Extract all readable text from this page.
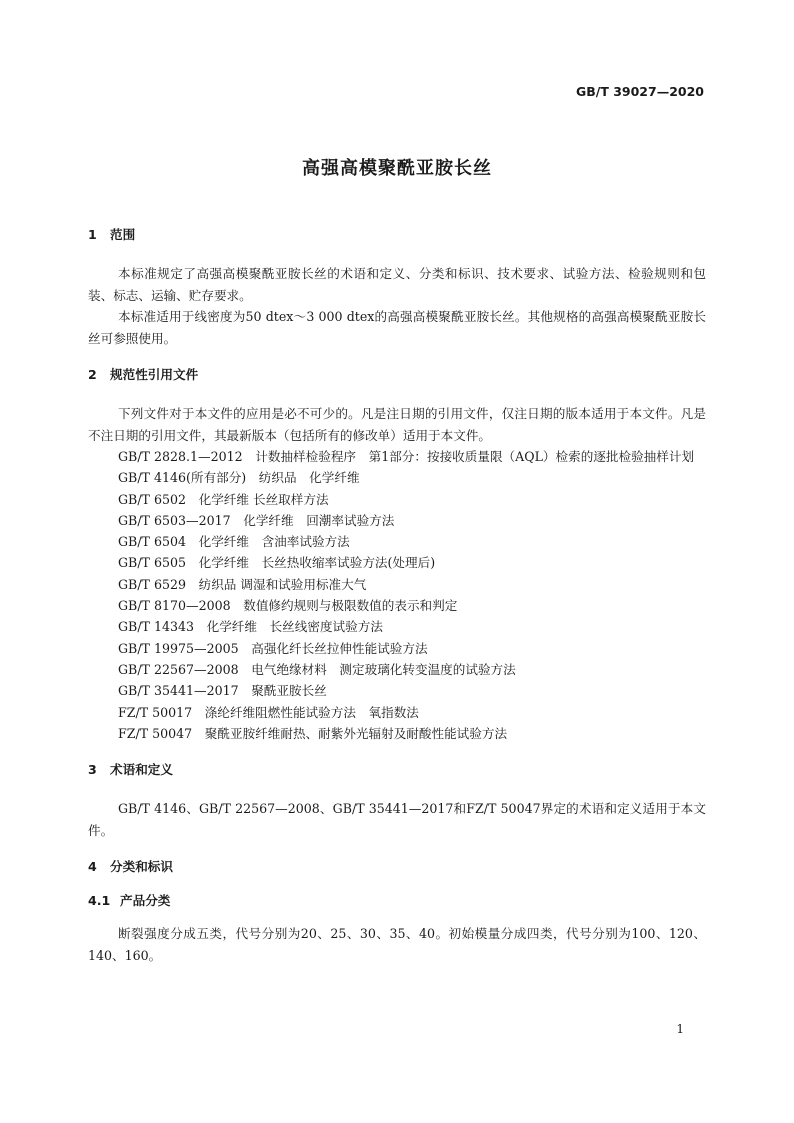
GB/T 39027—2020
高强高模聚酰亚胺长丝
1 范围

本标准规定了高强高模聚酰亚胺长丝的术语和定义、分类和标识、技术要求、试验方法、检验规则和包装、标志、运输、贮存要求。

本标准适用于线密度为50 dtex～3 000 dtex的高强高模聚酰亚胺长丝。其他规格的高强高模聚酰亚胺长丝可参照使用。

2 规范性引用文件

下列文件对于本文件的应用是必不可少的。凡是注日期的引用文件，仅注日期的版本适用于本文件。凡是不注日期的引用文件，其最新版本（包括所有的修改单）适用于本文件。

GB/T 2828.1—2012　计数抽样检验程序　第1部分：按接收质量限（AQL）检索的逐批检验抽样计划

GB/T 4146(所有部分)　纺织品　化学纤维

GB/T 6502　化学纤维 长丝取样方法

GB/T 6503—2017　化学纤维　回潮率试验方法

GB/T 6504　化学纤维　含油率试验方法

GB/T 6505　化学纤维　长丝热收缩率试验方法(处理后)

GB/T 6529　纺织品 调湿和试验用标准大气

GB/T 8170—2008　数值修约规则与极限数值的表示和判定

GB/T 14343　化学纤维　长丝线密度试验方法

GB/T 19975—2005　高强化纤长丝拉伸性能试验方法

GB/T 22567—2008　电气绝缘材料　测定玻璃化转变温度的试验方法

GB/T 35441—2017　聚酰亚胺长丝

FZ/T 50017　涤纶纤维阻燃性能试验方法　氧指数法

FZ/T 50047　聚酰亚胺纤维耐热、耐紫外光辐射及耐酸性能试验方法

3 术语和定义

GB/T 4146、GB/T 22567—2008、GB/T 35441—2017和FZ/T 50047界定的术语和定义适用于本文件。

4 分类和标识
4.1 产品分类

断裂强度分成五类，代号分别为20、25、30、35、40。初始模量分成四类，代号分别为100、120、140、160。

1
